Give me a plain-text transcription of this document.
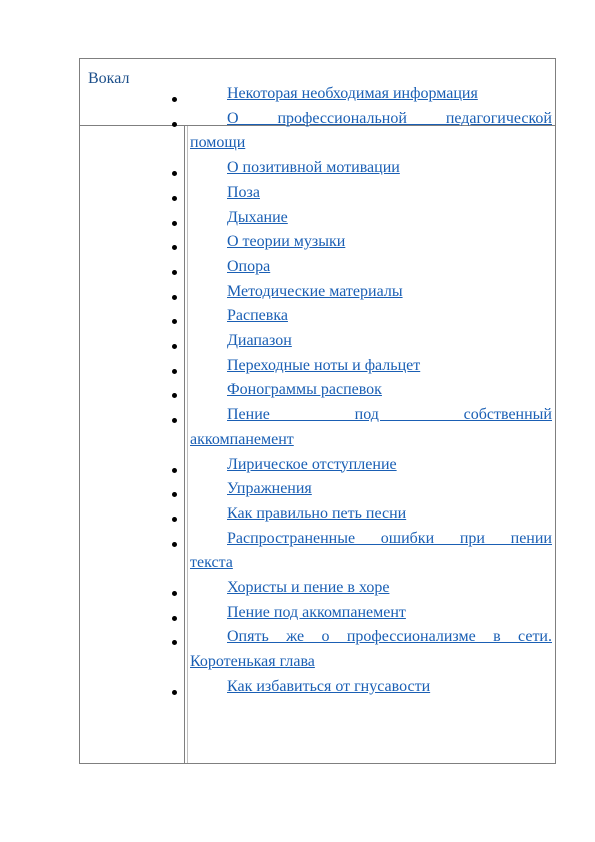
Вокал
Некоторая необходимая информация
О профессиональной педагогической
помощи
О позитивной мотивации
Поза
Дыхание
О теории музыки
Опора
Методические материалы
Распевка
Диапазон
Переходные ноты и фальцет
Фонограммы распевок
Пение под собственный
аккомпанемент
Лирическое отступление
Упражнения
Как правильно петь песни
Распространенные ошибки при пении
текста
Хористы и пение в хоре
Пение под аккомпанемент
Опять же о профессионализме в сети.
Коротенькая глава
Как избавиться от гнусавости
